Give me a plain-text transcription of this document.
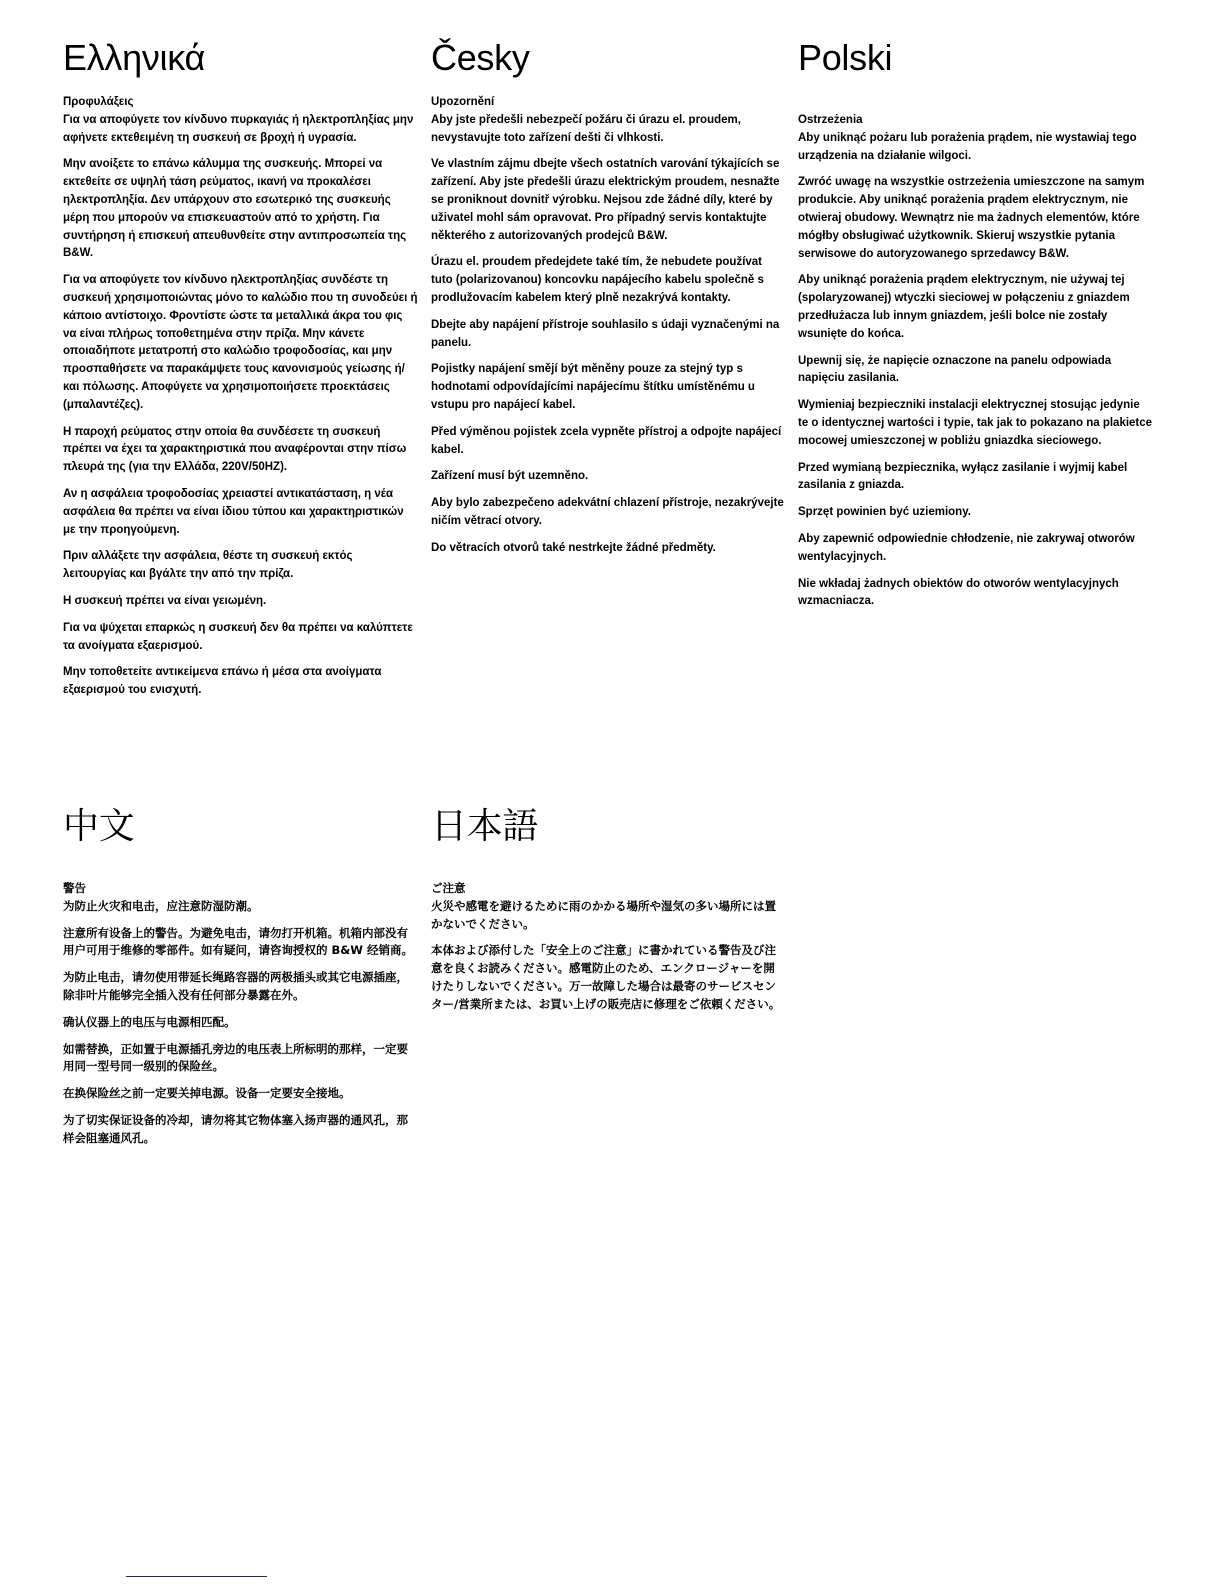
Ελληνικά

Προφυλάξεις

Για να αποφύγετε τον κίνδυνο πυρκαγιάς ή ηλεκτροπληξίας μην αφήνετε εκτεθειμένη τη συσκευή σε βροχή ή υγρασία.

Μην ανοίξετε το επάνω κάλυμμα της συσκευής. Μπορεί να εκτεθείτε σε υψηλή τάση ρεύματος, ικανή να προκαλέσει ηλεκτροπληξία. Δεν υπάρχουν στο εσωτερικό της συσκευής μέρη που μπορούν να επισκευαστούν από το χρήστη. Για συντήρηση ή επισκευή απευθυνθείτε στην αντιπροσωπεία της B&W.

Για να αποφύγετε τον κίνδυνο ηλεκτροπληξίας συνδέστε τη συσκευή χρησιμοποιώντας μόνο το καλώδιο που τη συνοδεύει ή κάποιο αντίστοιχο. Φροντίστε ώστε τα μεταλλικά άκρα του φις να είναι πλήρως τοποθετημένα στην πρίζα. Μην κάνετε οποιαδήποτε μετατροπή στο καλώδιο τροφοδοσίας, και μην προσπαθήσετε να παρακάμψετε τους κανονισμούς γείωσης ή/και πόλωσης. Αποφύγετε να χρησιμοποιήσετε προεκτάσεις (μπαλαντέζες).

Η παροχή ρεύματος στην οποία θα συνδέσετε τη συσκευή πρέπει να έχει τα χαρακτηριστικά που αναφέρονται στην πίσω πλευρά της (για την Ελλάδα, 220V/50HZ).

Αν η ασφάλεια τροφοδοσίας χρειαστεί αντικατάσταση, η νέα ασφάλεια θα πρέπει να είναι ίδιου τύπου και χαρακτηριστικών με την προηγούμενη.

Πριν αλλάξετε την ασφάλεια, θέστε τη συσκευή εκτός λειτουργίας και βγάλτε την από την πρίζα.

Η συσκευή πρέπει να είναι γειωμένη.

Για να ψύχεται επαρκώς η συσκευή δεν θα πρέπει να καλύπτετε τα ανοίγματα εξαερισμού.

Μην τοποθετείτε αντικείμενα επάνω ή μέσα στα ανοίγματα εξαερισμού του ενισχυτή.

Česky

Upozornění

Aby jste předešli nebezpečí požáru či úrazu el. proudem, nevystavujte toto zařízení dešti či vlhkosti.

Ve vlastním zájmu dbejte všech ostatních varování týkajících se zařízení. Aby jste předešli úrazu elektrickým proudem, nesnažte se proniknout dovnitř výrobku. Nejsou zde žádné díly, které by uživatel mohl sám opravovat. Pro případný servis kontaktujte některého z autorizovaných prodejců B&W.

Úrazu el. proudem předejdete také tím, že nebudete používat tuto (polarizovanou) koncovku napájecího kabelu společně s prodlužovacím kabelem který plně nezakrývá kontakty.

Dbejte aby napájení přístroje souhlasilo s údaji vyznačenými na panelu.

Pojistky napájení smějí být měněny pouze za stejný typ s hodnotami odpovídajícími napájecímu štítku umístěnému u vstupu pro napájecí kabel.

Před výměnou pojistek zcela vypněte přístroj a odpojte napájecí kabel.

Zařízení musí být uzemněno.

Aby bylo zabezpečeno adekvátní chlazení přístroje, nezakrývejte ničím větrací otvory.

Do větracích otvorů také nestrkejte žádné předměty.

Polski

Ostrzeżenia

Aby uniknąć pożaru lub porażenia prądem, nie wystawiaj tego urządzenia na działanie wilgoci.

Zwróć uwagę na wszystkie ostrzeżenia umieszczone na samym produkcie. Aby uniknąć porażenia prądem elektrycznym, nie otwieraj obudowy. Wewnątrz nie ma żadnych elementów, które mógłby obsługiwać użytkownik. Skieruj wszystkie pytania serwisowe do autoryzowanego sprzedawcy B&W.

Aby uniknąć porażenia prądem elektrycznym, nie używaj tej (spolaryzowanej) wtyczki sieciowej w połączeniu z gniazdem przedłużacza lub innym gniazdem, jeśli bolce nie zostały wsunięte do końca.

Upewnij się, że napięcie oznaczone na panelu odpowiada napięciu zasilania.

Wymieniaj bezpieczniki instalacji elektrycznej stosując jedynie te o identycznej wartości i typie, tak jak to pokazano na plakietce mocowej umieszczonej w pobliżu gniazdka sieciowego.

Przed wymianą bezpiecznika, wyłącz zasilanie i wyjmij kabel zasilania z gniazda.

Sprzęt powinien być uziemiony.

Aby zapewnić odpowiednie chłodzenie, nie zakrywaj otworów wentylacyjnych.

Nie wkładaj żadnych obiektów do otworów wentylacyjnych wzmacniacza.

中文

警告

为防止火灾和电击，应注意防湿防潮。

注意所有设备上的警告。为避免电击，请勿打开机箱。机箱内部没有用户可用于维修的零部件。如有疑问，请咨询授权的 B&W 经销商。

为防止电击，请勿使用带延长绳路容器的两极插头或其它电源插座，除非叶片能够完全插入没有任何部分暴露在外。

确认仪器上的电压与电源相匹配。

如需替换，正如置于电源插孔旁边的电压表上所标明的那样，一定要用同一型号同一级别的保险丝。

在换保险丝之前一定要关掉电源。设备一定要安全接地。

为了切实保证设备的冷却，请勿将其它物体塞入扬声器的通风孔，那样会阻塞通风孔。

日本語

ご注意

火災や感電を避けるために雨のかかる場所や湿気の多い場所には置かないでください。

本体および添付した「安全上のご注意」に書かれている警告及び注意を良くお読みください。感電防止のため、エンクロージャーを開けたりしないでください。万一故障した場合は最寄のサービスセンター/営業所または、お買い上げの販売店に修理をご依頼ください。
